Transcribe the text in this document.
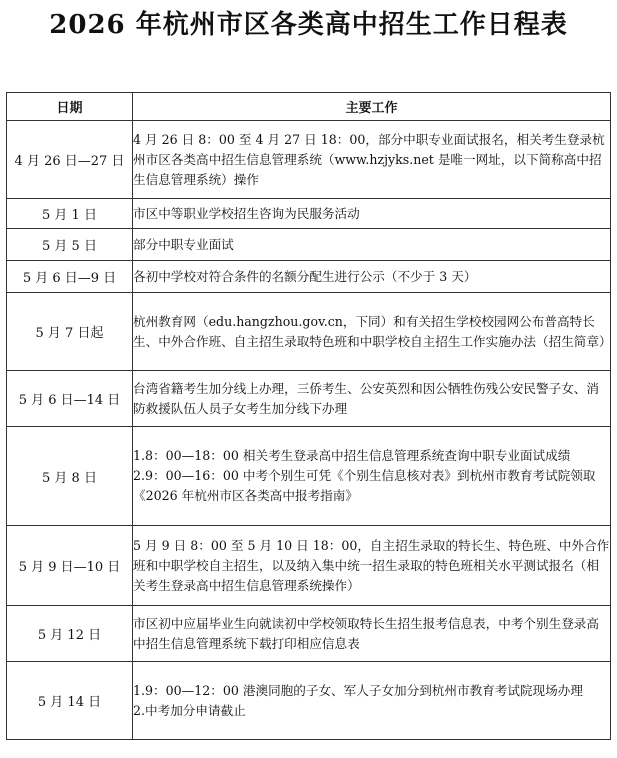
2026 年杭州市区各类高中招生工作日程表
日期	主要工作
4 月 26 日—27 日	4 月 26 日 8：00 至 4 月 27 日 18：00，部分中职专业面试报名，相关考生登录杭州市区各类高中招生信息管理系统（www.hzjyks.net 是唯一网址，以下简称高中招生信息管理系统）操作

5 月 1 日	市区中等职业学校招生咨询为民服务活动

5 月 5 日	部分中职专业面试

5 月 6 日—9 日	各初中学校对符合条件的名额分配生进行公示（不少于 3 天）

5 月 7 日起	杭州教育网（edu.hangzhou.gov.cn，下同）和有关招生学校校园网公布普高特长生、中外合作班、自主招生录取特色班和中职学校自主招生工作实施办法（招生简章）

5 月 6 日—14 日	台湾省籍考生加分线上办理，三侨考生、公安英烈和因公牺牲伤残公安民警子女、消防救援队伍人员子女考生加分线下办理

5 月 8 日	1.8：00—18：00 相关考生登录高中招生信息管理系统查询中职专业面试成绩
2.9：00—16：00 中考个别生可凭《个别生信息核对表》到杭州市教育考试院领取《2026 年杭州市区各类高中报考指南》

5 月 9 日—10 日	5 月 9 日 8：00 至 5 月 10 日 18：00，自主招生录取的特长生、特色班、中外合作班和中职学校自主招生，以及纳入集中统一招生录取的特色班相关水平测试报名（相关考生登录高中招生信息管理系统操作）

5 月 12 日	市区初中应届毕业生向就读初中学校领取特长生招生报考信息表，中考个别生登录高中招生信息管理系统下载打印相应信息表

5 月 14 日	1.9：00—12：00 港澳同胞的子女、军人子女加分到杭州市教育考试院现场办理
2.中考加分申请截止
